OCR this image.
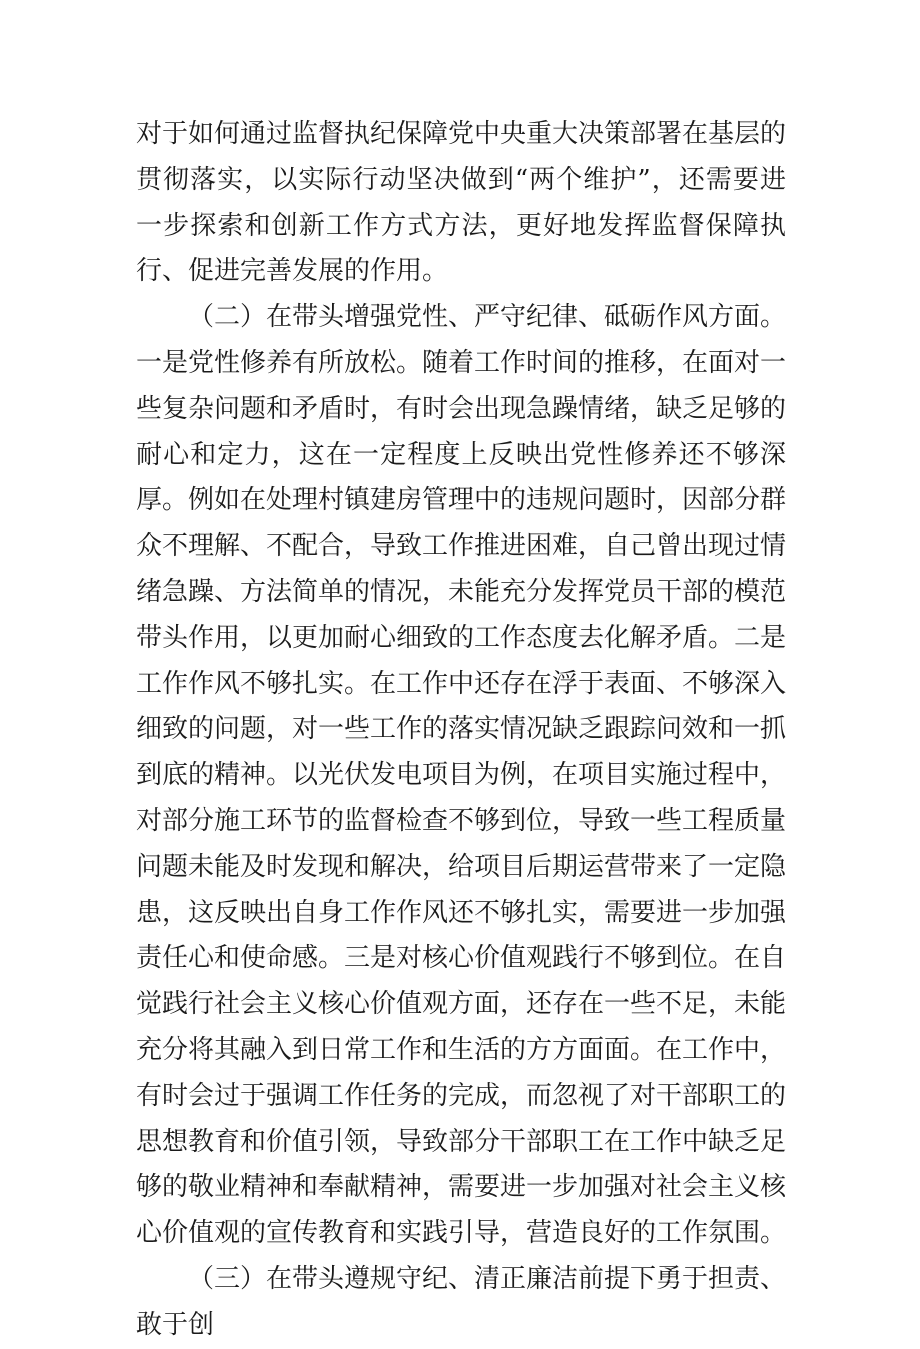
对于如何通过监督执纪保障党中央重大决策部署在基层的贯彻落实，以实际行动坚决做到“两个维护”，还需要进一步探索和创新工作方式方法，更好地发挥监督保障执行、促进完善发展的作用。

（二）在带头增强党性、严守纪律、砥砺作风方面。一是党性修养有所放松。随着工作时间的推移，在面对一些复杂问题和矛盾时，有时会出现急躁情绪，缺乏足够的耐心和定力，这在一定程度上反映出党性修养还不够深厚。例如在处理村镇建房管理中的违规问题时，因部分群众不理解、不配合，导致工作推进困难，自己曾出现过情绪急躁、方法简单的情况，未能充分发挥党员干部的模范带头作用，以更加耐心细致的工作态度去化解矛盾。二是工作作风不够扎实。在工作中还存在浮于表面、不够深入细致的问题，对一些工作的落实情况缺乏跟踪问效和一抓到底的精神。以光伏发电项目为例，在项目实施过程中，对部分施工环节的监督检查不够到位，导致一些工程质量问题未能及时发现和解决，给项目后期运营带来了一定隐患，这反映出自身工作作风还不够扎实，需要进一步加强责任心和使命感。三是对核心价值观践行不够到位。在自觉践行社会主义核心价值观方面，还存在一些不足，未能充分将其融入到日常工作和生活的方方面面。在工作中，有时会过于强调工作任务的完成，而忽视了对干部职工的思想教育和价值引领，导致部分干部职工在工作中缺乏足够的敬业精神和奉献精神，需要进一步加强对社会主义核心价值观的宣传教育和实践引导，营造良好的工作氛围。

（三）在带头遵规守纪、清正廉洁前提下勇于担责、敢于创
